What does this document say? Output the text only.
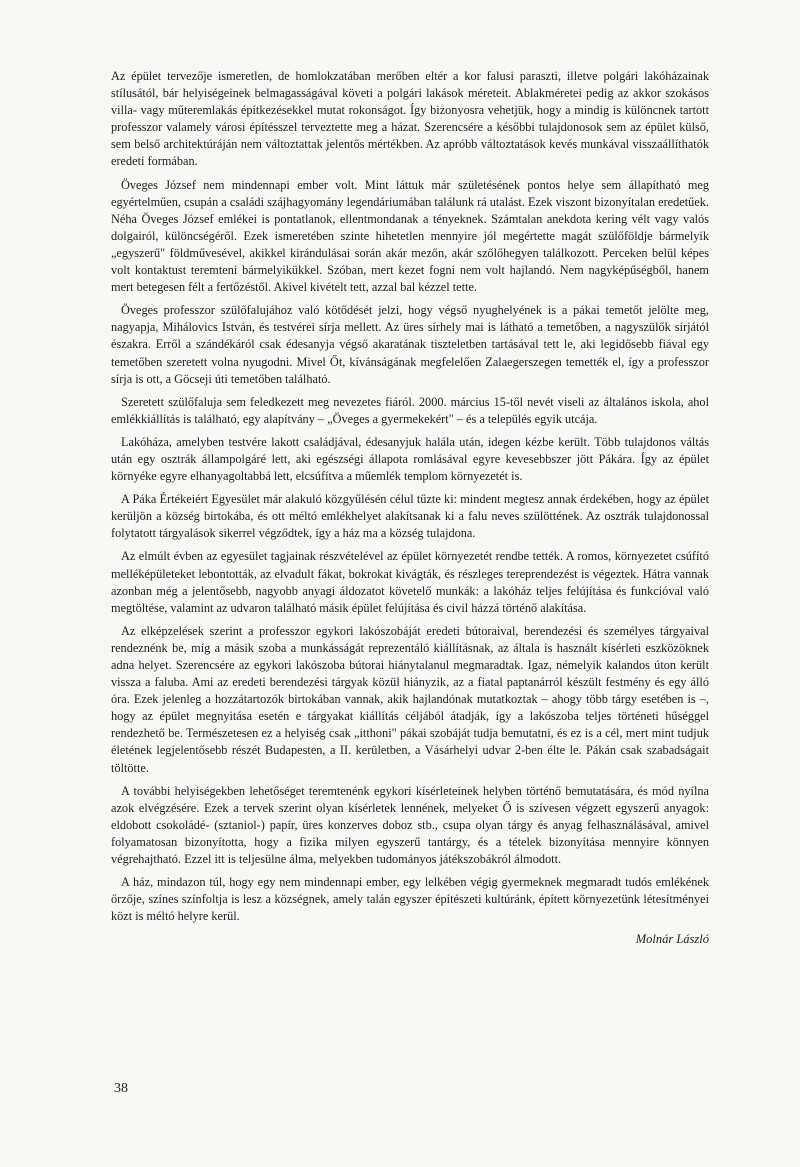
Az épület tervezője ismeretlen, de homlokzatában merőben eltér a kor falusi paraszti, illetve polgári lakóházainak stílusától, bár helyiségeinek belmagasságával követi a polgári lakások méreteit. Ablakméretei pedig az akkor szokásos villa- vagy műteremlakás építkezésekkel mutat rokonságot. Így bizonyosra vehetjük, hogy a mindig is különcnek tartott professzor valamely városi építésszel terveztette meg a házat. Szerencsére a későbbi tulajdonosok sem az épület külső, sem belső architektúráján nem változtattak jelentős mértékben. Az apróbb változtatások kevés munkával visszaállíthatók eredeti formában.

Öveges József nem mindennapi ember volt. Mint láttuk már születésének pontos helye sem állapítható meg egyértelműen, csupán a családi szájhagyomány legendáriumában találunk rá utalást. Ezek viszont bizonyítalan eredetűek. Néha Öveges József emlékei is pontatlanok, ellentmondanak a tényeknek. Számtalan anekdota kering vélt vagy valós dolgairól, különcségéről. Ezek ismeretében szinte hihetetlen mennyire jól megértette magát szülőföldje bármelyik „egyszerű" földművesével, akikkel kirándulásai során akár mezőn, akár szőlőhegyen találkozott. Perceken belül képes volt kontaktust teremteni bármelyikükkel. Szóban, mert kezet fogni nem volt hajlandó. Nem nagyképűségből, hanem mert betegesen félt a fertőzéstől. Akivel kivételt tett, azzal bal kézzel tette.

Öveges professzor szülőfalujához való kötődését jelzi, hogy végső nyughelyének is a pákai temetőt jelölte meg, nagyapja, Mihálovics István, és testvérei sírja mellett. Az üres sírhely mai is látható a temetőben, a nagyszülők sírjától északra. Erről a szándékáról csak édesanyja végső akaratának tiszteletben tartásával tett le, aki legidősebb fiával egy temetőben szeretett volna nyugodni. Mivel Őt, kívánságának megfelelően Zalaegerszegen temették el, így a professzor sírja is ott, a Göcseji úti temetőben található.

Szeretett szülőfaluja sem feledkezett meg nevezetes fiáról. 2000. március 15-től nevét viseli az általános iskola, ahol emlékkiállítás is található, egy alapítvány – „Öveges a gyermekekért" – és a település egyik utcája.

Lakóháza, amelyben testvére lakott családjával, édesanyjuk halála után, idegen kézbe került. Több tulajdonos váltás után egy osztrák állampolgáré lett, aki egészségi állapota romlásával egyre kevesebbszer jött Pákára. Így az épület környéke egyre elhanyagoltabbá lett, elcsúfítva a műemlék templom környezetét is.

A Páka Értékeiért Egyesület már alakuló közgyűlésén célul tűzte ki: mindent megtesz annak érdekében, hogy az épület kerüljön a község birtokába, és ott méltó emlékhelyet alakítsanak ki a falu neves szülöttének. Az osztrák tulajdonossal folytatott tárgyalások sikerrel végződtek, így a ház ma a község tulajdona.

Az elmúlt évben az egyesület tagjainak részvételével az épület környezetét rendbe tették. A romos, környezetet csúfító melléképületeket lebontották, az elvadult fákat, bokrokat kivágták, és részleges tereprendezést is végeztek. Hátra vannak azonban még a jelentősebb, nagyobb anyagi áldozatot követelő munkák: a lakóház teljes felújítása és funkcióval való megtöltése, valamint az udvaron található másik épület felújítása és civil házzá történő alakítása.

Az elképzelések szerint a professzor egykori lakószobáját eredeti bútoraival, berendezési és személyes tárgyaival rendeznénk be, míg a másik szoba a munkásságát reprezentáló kiállításnak, az általa is használt kísérleti eszközöknek adna helyet. Szerencsére az egykori lakószoba bútorai hiánytalanul megmaradtak. Igaz, némelyik kalandos úton került vissza a faluba. Ami az eredeti berendezési tárgyak közül hiányzik, az a fiatal paptanárról készült festmény és egy álló óra. Ezek jelenleg a hozzátartozók birtokában vannak, akik hajlandónak mutatkoztak – ahogy több tárgy esetében is –, hogy az épület megnyitása esetén e tárgyakat kiállítás céljából átadják, így a lakószoba teljes történeti hűséggel rendezhető be. Természetesen ez a helyiség csak „itthoni" pákai szobáját tudja bemutatni, és ez is a cél, mert mint tudjuk életének legjelentősebb részét Budapesten, a II. kerületben, a Vásárhelyi udvar 2-ben élte le. Pákán csak szabadságait töltötte.

A további helyiségekben lehetőséget teremtenénk egykori kísérleteinek helyben történő bemutatására, és mód nyílna azok elvégzésére. Ezek a tervek szerint olyan kísérletek lennének, melyeket Ő is szívesen végzett egyszerű anyagok: eldobott csokoládé- (sztaniol-) papír, üres konzerves doboz stb., csupa olyan tárgy és anyag felhasználásával, amivel folyamatosan bizonyította, hogy a fizika milyen egyszerű tantárgy, és a tételek bizonyítása mennyire könnyen végrehajtható. Ezzel itt is teljesülne álma, melyekben tudományos játékszobákról álmodott.

A ház, mindazon túl, hogy egy nem mindennapi ember, egy lelkében végig gyermeknek megmaradt tudós emlékének őrzője, színes színfoltja is lesz a községnek, amely talán egyszer építészeti kultúránk, épített környezetünk létesítményei közt is méltó helyre kerül.

Molnár László

38
